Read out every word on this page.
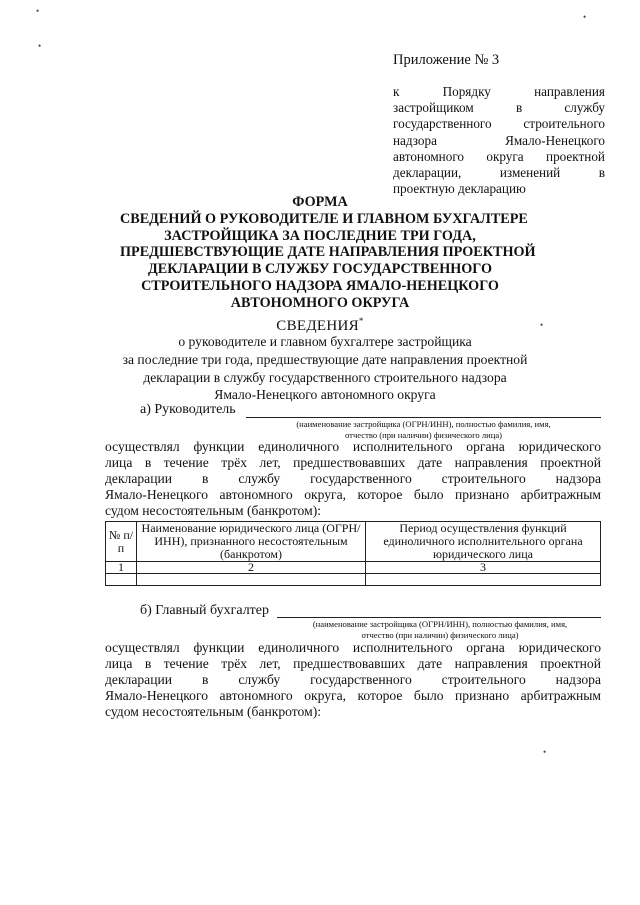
Приложение № 3
к Порядку направления
застройщиком в службу
государственного строительного
надзора Ямало-Ненецкого
автономного округа проектной
декларации, изменений в
проектную декларацию
ФОРМА
СВЕДЕНИЙ О РУКОВОДИТЕЛЕ И ГЛАВНОМ БУХГАЛТЕРЕ
ЗАСТРОЙЩИКА ЗА ПОСЛЕДНИЕ ТРИ ГОДА,
ПРЕДШЕВСТВУЮЩИЕ ДАТЕ НАПРАВЛЕНИЯ ПРОЕКТНОЙ
ДЕКЛАРАЦИИ В СЛУЖБУ ГОСУДАРСТВЕННОГО
СТРОИТЕЛЬНОГО НАДЗОРА ЯМАЛО-НЕНЕЦКОГО
АВТОНОМНОГО ОКРУГА
СВЕДЕНИЯ*
о руководителе и главном бухгалтере застройщика
за последние три года, предшествующие дате направления проектной
декларации в службу государственного строительного надзора
Ямало-Ненецкого автономного округа
а) Руководитель
(наименование застройщика (ОГРН/ИНН), полностью фамилия, имя,
отчество (при наличии) физического лица)
осуществлял функции единоличного исполнительного органа юридического
лица в течение трёх лет, предшествовавших дате направления проектной
декларации в службу государственного строительного надзора
Ямало-Ненецкого автономного округа, которое было признано арбитражным
судом несостоятельным (банкротом):
№ п/п	Наименование юридического лица (ОГРН/ИНН), признанного несостоятельным (банкротом)	Период осуществления функций единоличного исполнительного органа юридического лица
1	2	3

б) Главный бухгалтер
(наименование застройщика (ОГРН/ИНН), полностью фамилия, имя,
отчество (при наличии) физического лица)
осуществлял функции единоличного исполнительного органа юридического
лица в течение трёх лет, предшествовавших дате направления проектной
декларации в службу государственного строительного надзора
Ямало-Ненецкого автономного округа, которое было признано арбитражным
судом несостоятельным (банкротом):
•
•
•
•
•
